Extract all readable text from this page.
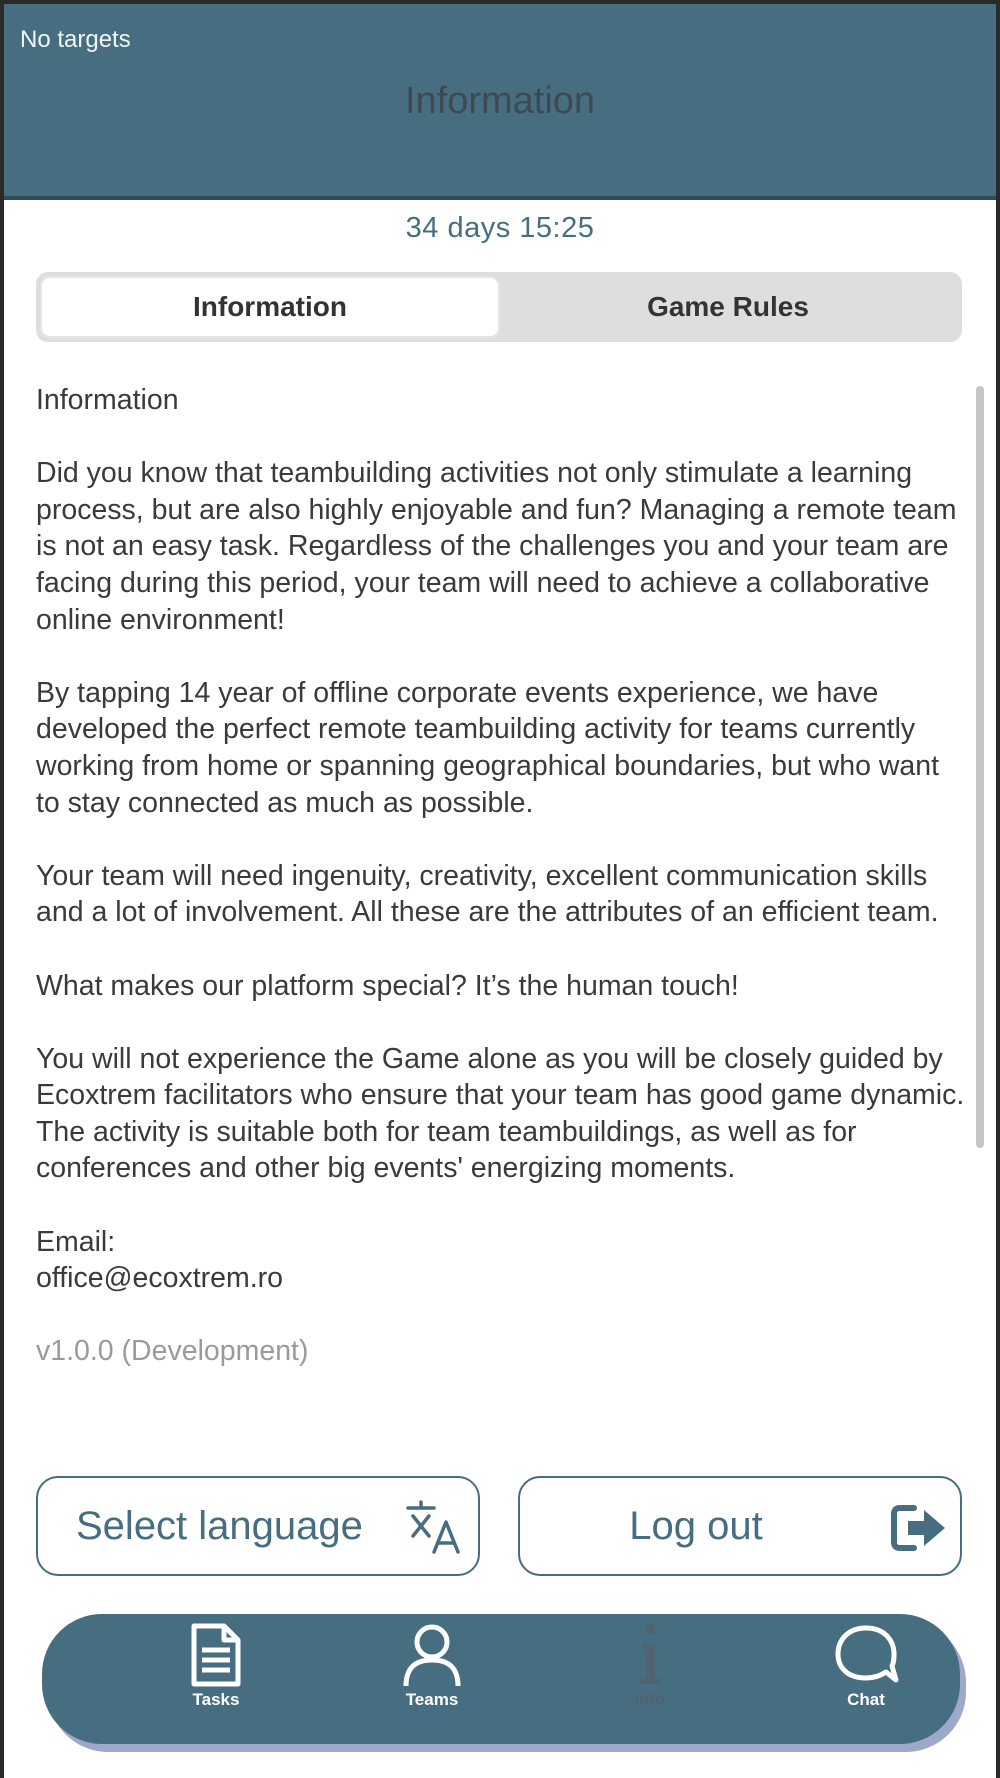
No targets
Information
34 days 15:25
Information	Game Rules

Information

Did you know that teambuilding activities not only stimulate a learning process, but are also highly enjoyable and fun? Managing a remote team is not an easy task. Regardless of the challenges you and your team are facing during this period, your team will need to achieve a collaborative online environment!

By tapping 14 year of offline corporate events experience, we have developed the perfect remote teambuilding activity for teams currently working from home or spanning geographical boundaries, but who want to stay connected as much as possible.

Your team will need ingenuity, creativity, excellent communication skills and a lot of involvement. All these are the attributes of an efficient team.

What makes our platform special? It’s the human touch!

You will not experience the Game alone as you will be closely guided by Ecoxtrem facilitators who ensure that your team has good game dynamic. The activity is suitable both for team teambuildings, as well as for conferences and other big events' energizing moments.

Email:
office@ecoxtrem.ro
v1.0.0 (Development)
Select language	Log out
Tasks	Teams	Info	Chat
